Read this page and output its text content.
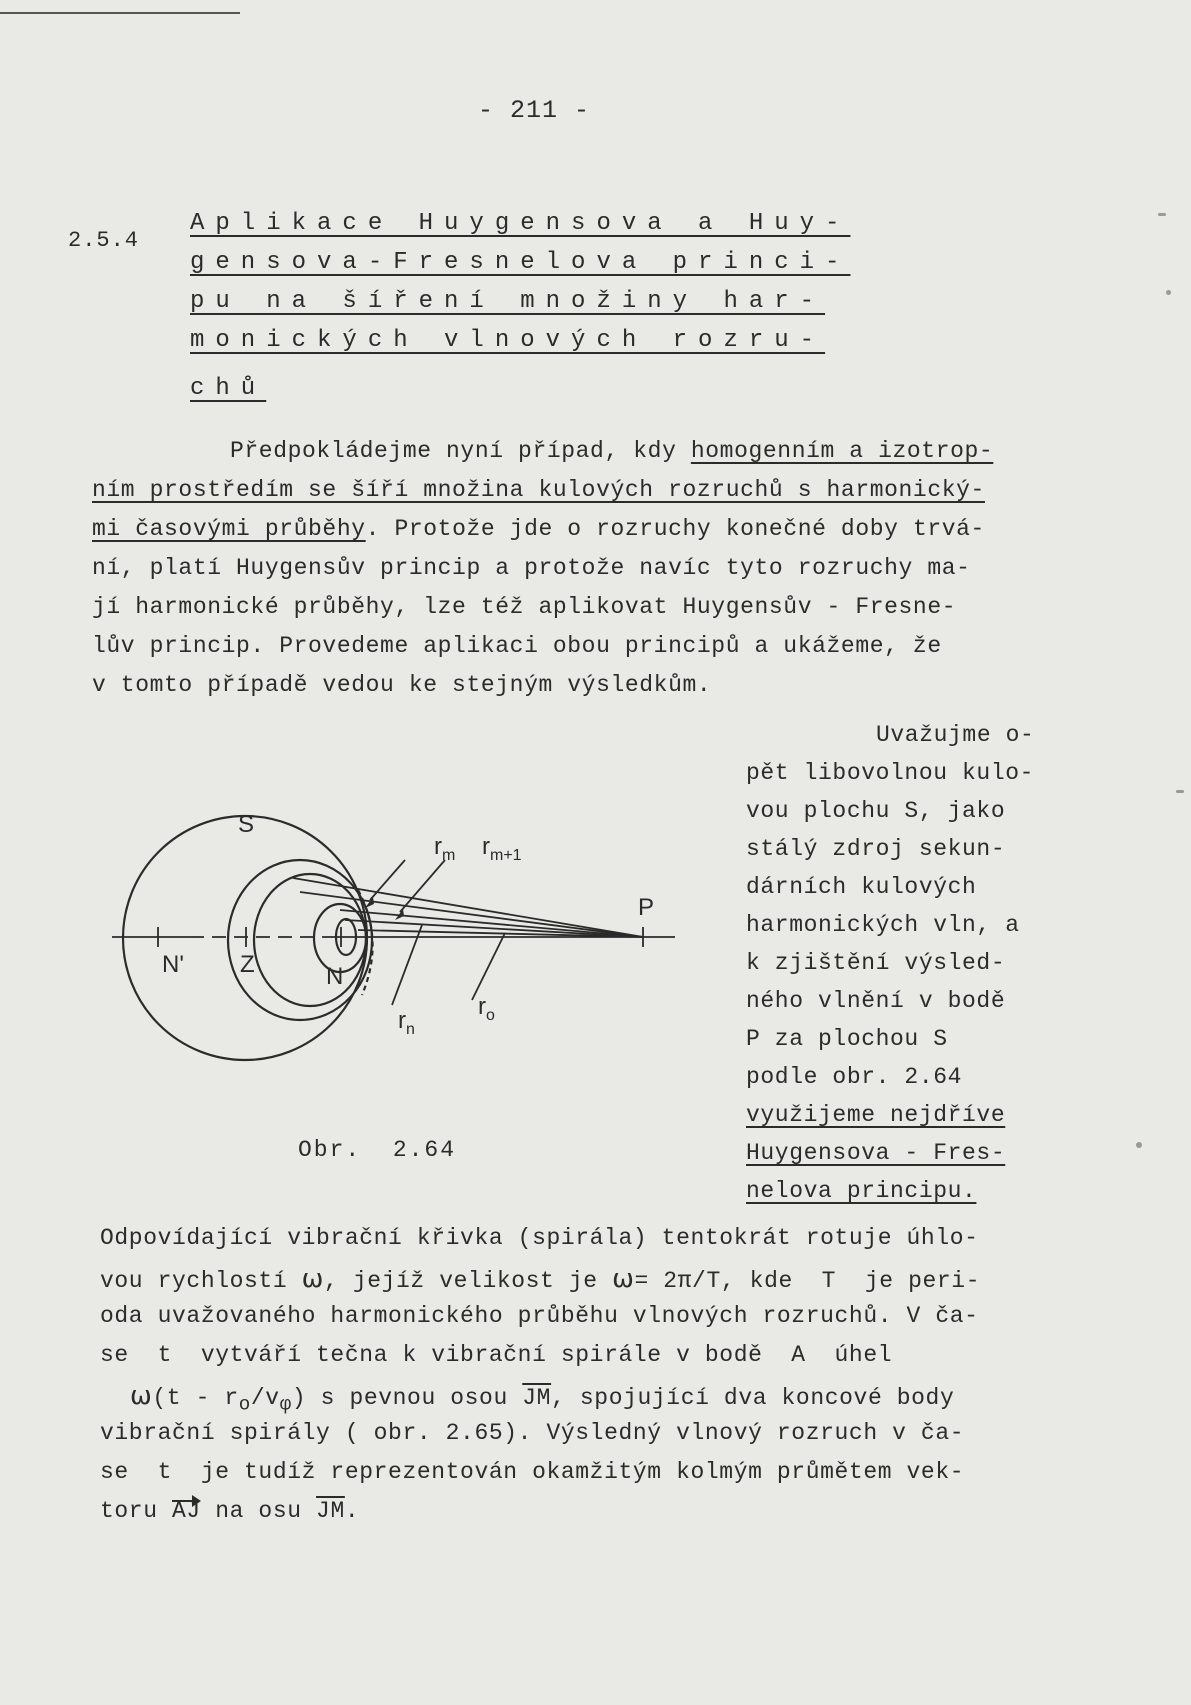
- 211 -
2.5.4
Aplikace Huygensova a Huy-
gensova-Fresnelova princi-
pu na šíření množiny har-
monických vlnových rozru-
chů
Předpokládejme nyní případ, kdy homogenním a izotrop-
ním prostředím se šíří množina kulových rozruchů s harmonický-
mi časovými průběhy. Protože jde o rozruchy konečné doby trvá-
ní, platí Huygensův princip a protože navíc tyto rozruchy ma-
jí harmonické průběhy, lze též aplikovat Huygensův - Fresne-
lův princip. Provedeme aplikaci obou principů a ukážeme, že
v tomto případě vedou ke stejným výsledkům.
Uvažujme o-
pět libovolnou kulo-
vou plochu S, jako
stálý zdroj sekun-
dárních kulových
harmonických vln, a
k zjištění výsled-
ného vlnění v bodě
P za plochou S
podle obr. 2.64
využijeme nejdříve
Huygensova - Fres-
nelova principu.
S
$r_m$ $r_{m+1}$
P
N' Z	N
$r_n$
$r_o$
Obr.  2.64
Odpovídající vibrační křivka (spirála) tentokrát rotuje úhlo-
vou rychlostí ω, jejíž velikost je ω= 2π/T, kde  T  je peri-
oda uvažovaného harmonického průběhu vlnových rozruchů. V ča-
se  t  vytváří tečna k vibrační spirále v bodě  A  úhel
$\omega(t - r_o/v_\varphi)$ s pevnou osou $\overline{JM}$, spojující dva koncové body
vibrační spirály ( obr. 2.65). Výsledný vlnový rozruch v ča-
se  t  je tudíž reprezentován okamžitým kolmým průmětem vek-
toru AJ na osu $\overline{JM}$.
